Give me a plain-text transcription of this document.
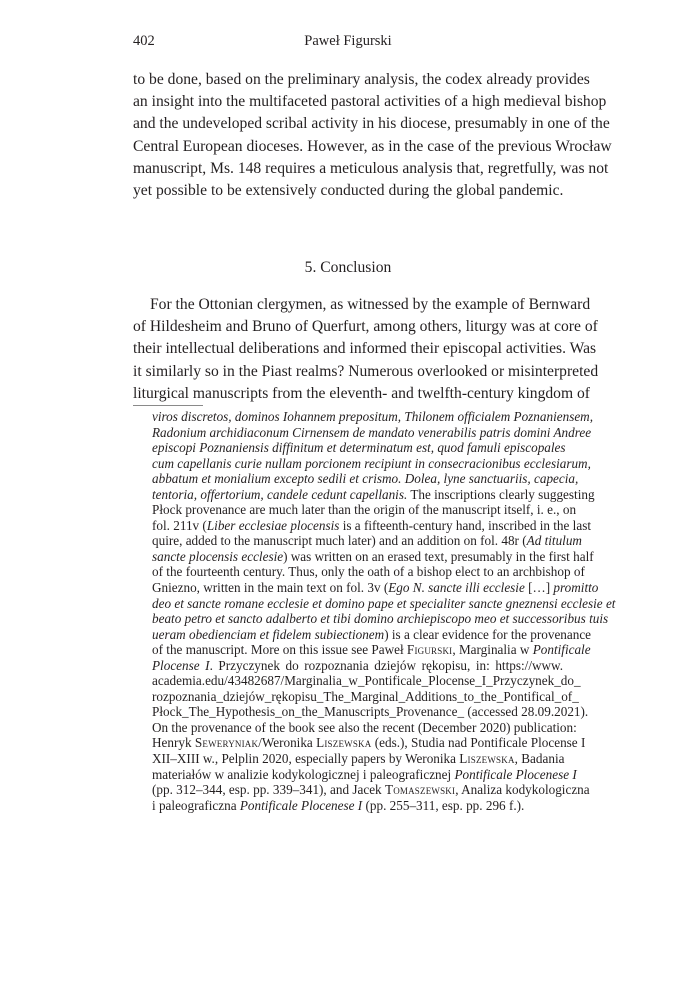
402	Paweł Figurski
to be done, based on the preliminary analysis, the codex already provides
an insight into the multifaceted pastoral activities of a high medieval bishop
and the undeveloped scribal activity in his diocese, presumably in one of the
Central European dioceses. However, as in the case of the previous Wrocław
manuscript, Ms. 148 requires a meticulous analysis that, regretfully, was not
yet possible to be extensively conducted during the global pandemic.
5. Conclusion
For the Ottonian clergymen, as witnessed by the example of Bernward
of Hildesheim and Bruno of Querfurt, among others, liturgy was at core of
their intellectual deliberations and informed their episcopal activities. Was
it similarly so in the Piast realms? Numerous overlooked or misinterpreted
liturgical manuscripts from the eleventh- and twelfth-century kingdom of
viros discretos, dominos Iohannem prepositum, Thilonem officialem Poznaniensem,
Radonium archidiaconum Cirnensem de mandato venerabilis patris domini Andree
episcopi Poznaniensis diffinitum et determinatum est, quod famuli episcopales
cum capellanis curie nullam porcionem recipiunt in consecracionibus ecclesiarum,
abbatum et monialium excepto sedili et crismo. Dolea, lyne sanctuariis, capecia,
tentoria, offertorium, candele cedunt capellanis. The inscriptions clearly suggesting
Płock provenance are much later than the origin of the manuscript itself, i. e., on
fol. 211v (Liber ecclesiae plocensis is a fifteenth-century hand, inscribed in the last
quire, added to the manuscript much later) and an addition on fol. 48r (Ad titulum
sancte plocensis ecclesie) was written on an erased text, presumably in the first half
of the fourteenth century. Thus, only the oath of a bishop elect to an archbishop of
Gniezno, written in the main text on fol. 3v (Ego N. sancte illi ecclesie […] promitto
deo et sancte romane ecclesie et domino pape et specialiter sancte gneznensi ecclesie et
beato petro et sancto adalberto et tibi domino archiepiscopo meo et successoribus tuis
ueram obedienciam et fidelem subiectionem) is a clear evidence for the provenance
of the manuscript. More on this issue see Paweł Figurski, Marginalia w Pontificale
Plocense I. Przyczynek do rozpoznania dziejów rękopisu, in: https://www.
academia.edu/43482687/Marginalia_w_Pontificale_Plocense_I_Przyczynek_do_
rozpoznania_dziejów_rękopisu_The_Marginal_Additions_to_the_Pontifical_of_
Płock_The_Hypothesis_on_the_Manuscripts_Provenance_ (accessed 28.09.2021).
On the provenance of the book see also the recent (December 2020) publication:
Henryk Seweryniak/Weronika Liszewska (eds.), Studia nad Pontificale Plocense I
XII–XIII w., Pelplin 2020, especially papers by Weronika Liszewska, Badania
materiałów w analizie kodykologicznej i paleograficznej Pontificale Plocenese I
(pp. 312–344, esp. pp. 339–341), and Jacek Tomaszewski, Analiza kodykologiczna
i paleograficzna Pontificale Plocenese I (pp. 255–311, esp. pp. 296 f.).
